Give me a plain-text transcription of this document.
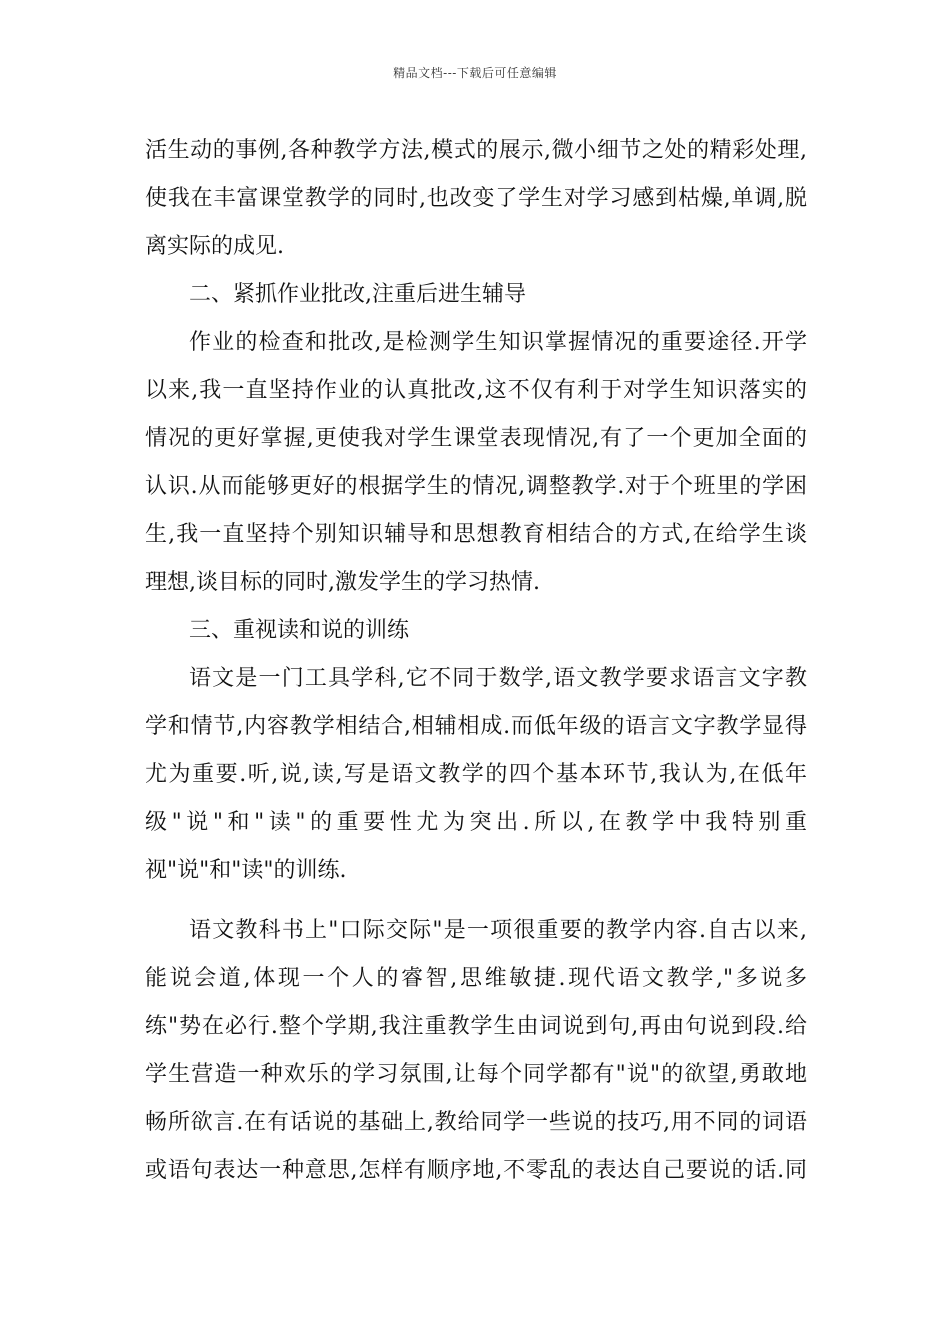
精品文档---下载后可任意编辑
活生动的事例,各种教学方法,模式的展示,微小细节之处的精彩处理,
使我在丰富课堂教学的同时,也改变了学生对学习感到枯燥,单调,脱
离实际的成见.
二、紧抓作业批改,注重后进生辅导
作业的检查和批改,是检测学生知识掌握情况的重要途径.开学
以来,我一直坚持作业的认真批改,这不仅有利于对学生知识落实的
情况的更好掌握,更使我对学生课堂表现情况,有了一个更加全面的
认识.从而能够更好的根据学生的情况,调整教学.对于个班里的学困
生,我一直坚持个别知识辅导和思想教育相结合的方式,在给学生谈
理想,谈目标的同时,激发学生的学习热情.
三、重视读和说的训练
语文是一门工具学科,它不同于数学,语文教学要求语言文字教
学和情节,内容教学相结合,相辅相成.而低年级的语言文字教学显得
尤为重要.听,说,读,写是语文教学的四个基本环节,我认为,在低年
级"说"和"读"的重要性尤为突出.所以,在教学中我特别重
视"说"和"读"的训练.
语文教科书上"口际交际"是一项很重要的教学内容.自古以来,
能说会道,体现一个人的睿智,思维敏捷.现代语文教学,"多说多
练"势在必行.整个学期,我注重教学生由词说到句,再由句说到段.给
学生营造一种欢乐的学习氛围,让每个同学都有"说"的欲望,勇敢地
畅所欲言.在有话说的基础上,教给同学一些说的技巧,用不同的词语
或语句表达一种意思,怎样有顺序地,不零乱的表达自己要说的话.同
